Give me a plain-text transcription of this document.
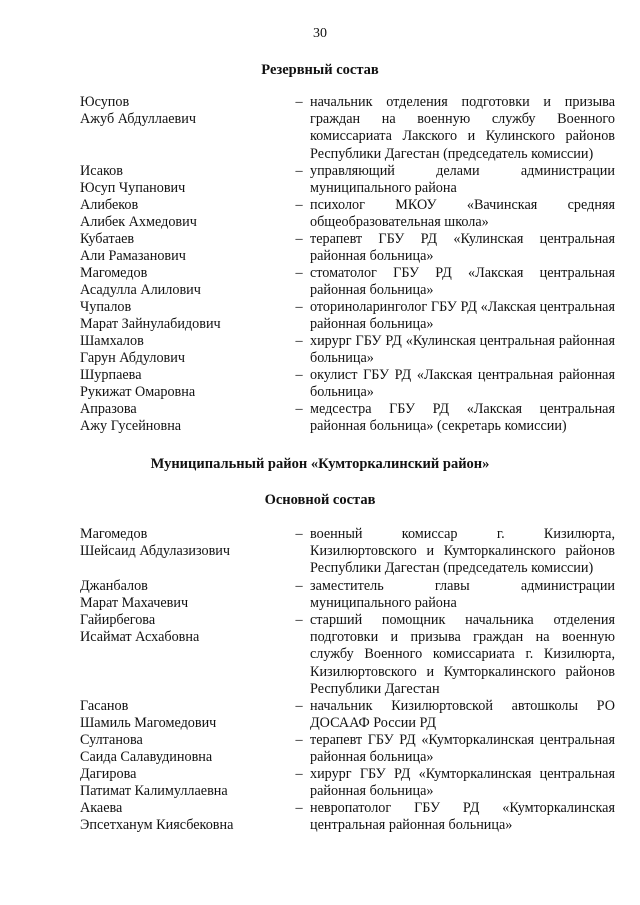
30
Резервный состав
Юсупов
Ажуб Абдуллаевич
– начальник отделения подготовки и призыва граждан на военную службу Военного комиссариата Лакского и Кулинского районов Республики Дагестан (председатель комиссии)
Исаков
Юсуп Чупанович
– управляющий делами администрации муниципального района
Алибеков
Алибек Ахмедович
– психолог МКОУ «Вачинская средняя общеобразовательная школа»
Кубатаев
Али Рамазанович
– терапевт ГБУ РД «Кулинская центральная районная больница»
Магомедов
Асадулла Алилович
– стоматолог ГБУ РД «Лакская центральная районная больница»
Чупалов
Марат Зайнулабидович
– оториноларинголог ГБУ РД «Лакская центральная районная больница»
Шамхалов
Гарун Абдулович
– хирург ГБУ РД «Кулинская центральная районная больница»
Шурпаева
Рукижат Омаровна
– окулист ГБУ РД «Лакская центральная районная больница»
Апразова
Ажу Гусейновна
– медсестра ГБУ РД «Лакская центральная районная больница» (секретарь комиссии)
Муниципальный район «Кумторкалинский район»
Основной состав
Магомедов
Шейсаид Абдулазизович
– военный комиссар г. Кизилюрта, Кизилюртовского и Кумторкалинского районов Республики Дагестан (председатель комиссии)
Джанбалов
Марат Махачевич
– заместитель главы администрации муниципального района
Гайирбегова
Исаймат Асхабовна
– старший помощник начальника отделения подготовки и призыва граждан на военную службу Военного комиссариата г. Кизилюрта, Кизилюртовского и Кумторкалинского районов Республики Дагестан
Гасанов
Шамиль Магомедович
– начальник Кизилюртовской автошколы РО ДОСААФ России РД
Султанова
Саида Салавудиновна
– терапевт ГБУ РД «Кумторкалинская центральная районная больница»
Дагирова
Патимат Калимуллаевна
– хирург ГБУ РД «Кумторкалинская центральная районная больница»
Акаева
Эпсетханум Киясбековна
– невропатолог ГБУ РД «Кумторкалинская центральная районная больница»
